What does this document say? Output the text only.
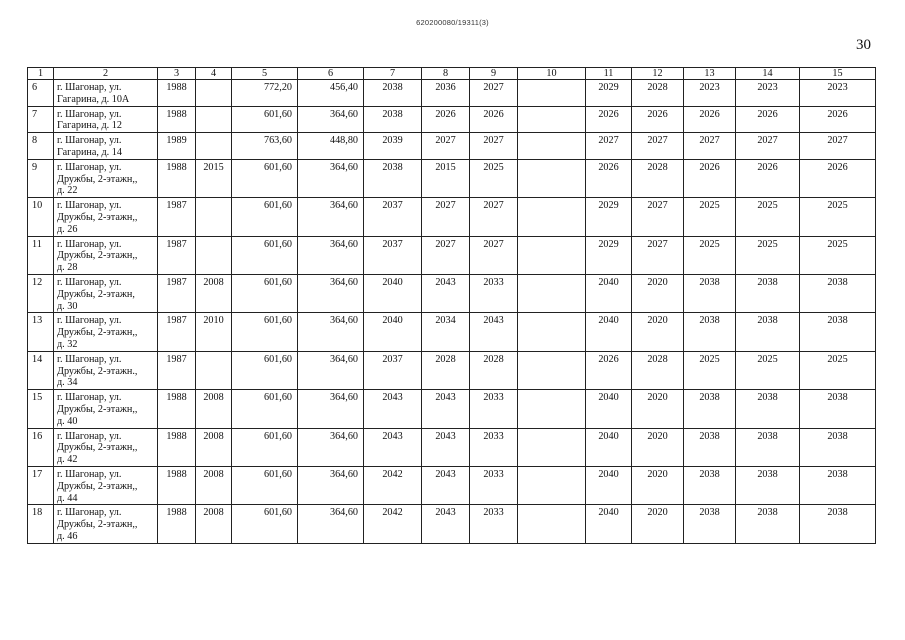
620200080/19311(3)
30
1	2	3	4	5	6	7	8	9	10	11	12	13	14	15
6	г. Шагонар, ул.
Гагарина, д. 10А	1988		772,20	456,40	2038	2036	2027		2029	2028	2023	2023	2023
7	г. Шагонар, ул.
Гагарина, д. 12	1988		601,60	364,60	2038	2026	2026		2026	2026	2026	2026	2026
8	г. Шагонар, ул.
Гагарина, д. 14	1989		763,60	448,80	2039	2027	2027		2027	2027	2027	2027	2027
9	г. Шагонар, ул.
Дружбы, 2-этажн,,
д. 22	1988	2015	601,60	364,60	2038	2015	2025		2026	2028	2026	2026	2026
10	г. Шагонар, ул.
Дружбы, 2-этажн,,
д. 26	1987		601,60	364,60	2037	2027	2027		2029	2027	2025	2025	2025
11	г. Шагонар, ул.
Дружбы, 2-этажн,,
д. 28	1987		601,60	364,60	2037	2027	2027		2029	2027	2025	2025	2025
12	г. Шагонар, ул.
Дружбы, 2-этажн,
д. 30	1987	2008	601,60	364,60	2040	2043	2033		2040	2020	2038	2038	2038
13	г. Шагонар, ул.
Дружбы, 2-этажн,,
д. 32	1987	2010	601,60	364,60	2040	2034	2043		2040	2020	2038	2038	2038
14	г. Шагонар, ул.
Дружбы, 2-этажн.,
д. 34	1987		601,60	364,60	2037	2028	2028		2026	2028	2025	2025	2025
15	г. Шагонар, ул.
Дружбы, 2-этажн,,
д. 40	1988	2008	601,60	364,60	2043	2043	2033		2040	2020	2038	2038	2038
16	г. Шагонар, ул.
Дружбы, 2-этажн,,
д. 42	1988	2008	601,60	364,60	2043	2043	2033		2040	2020	2038	2038	2038
17	г. Шагонар, ул.
Дружбы, 2-этажн,,
д. 44	1988	2008	601,60	364,60	2042	2043	2033		2040	2020	2038	2038	2038
18	г. Шагонар, ул.
Дружбы, 2-этажн,,
д. 46	1988	2008	601,60	364,60	2042	2043	2033		2040	2020	2038	2038	2038
